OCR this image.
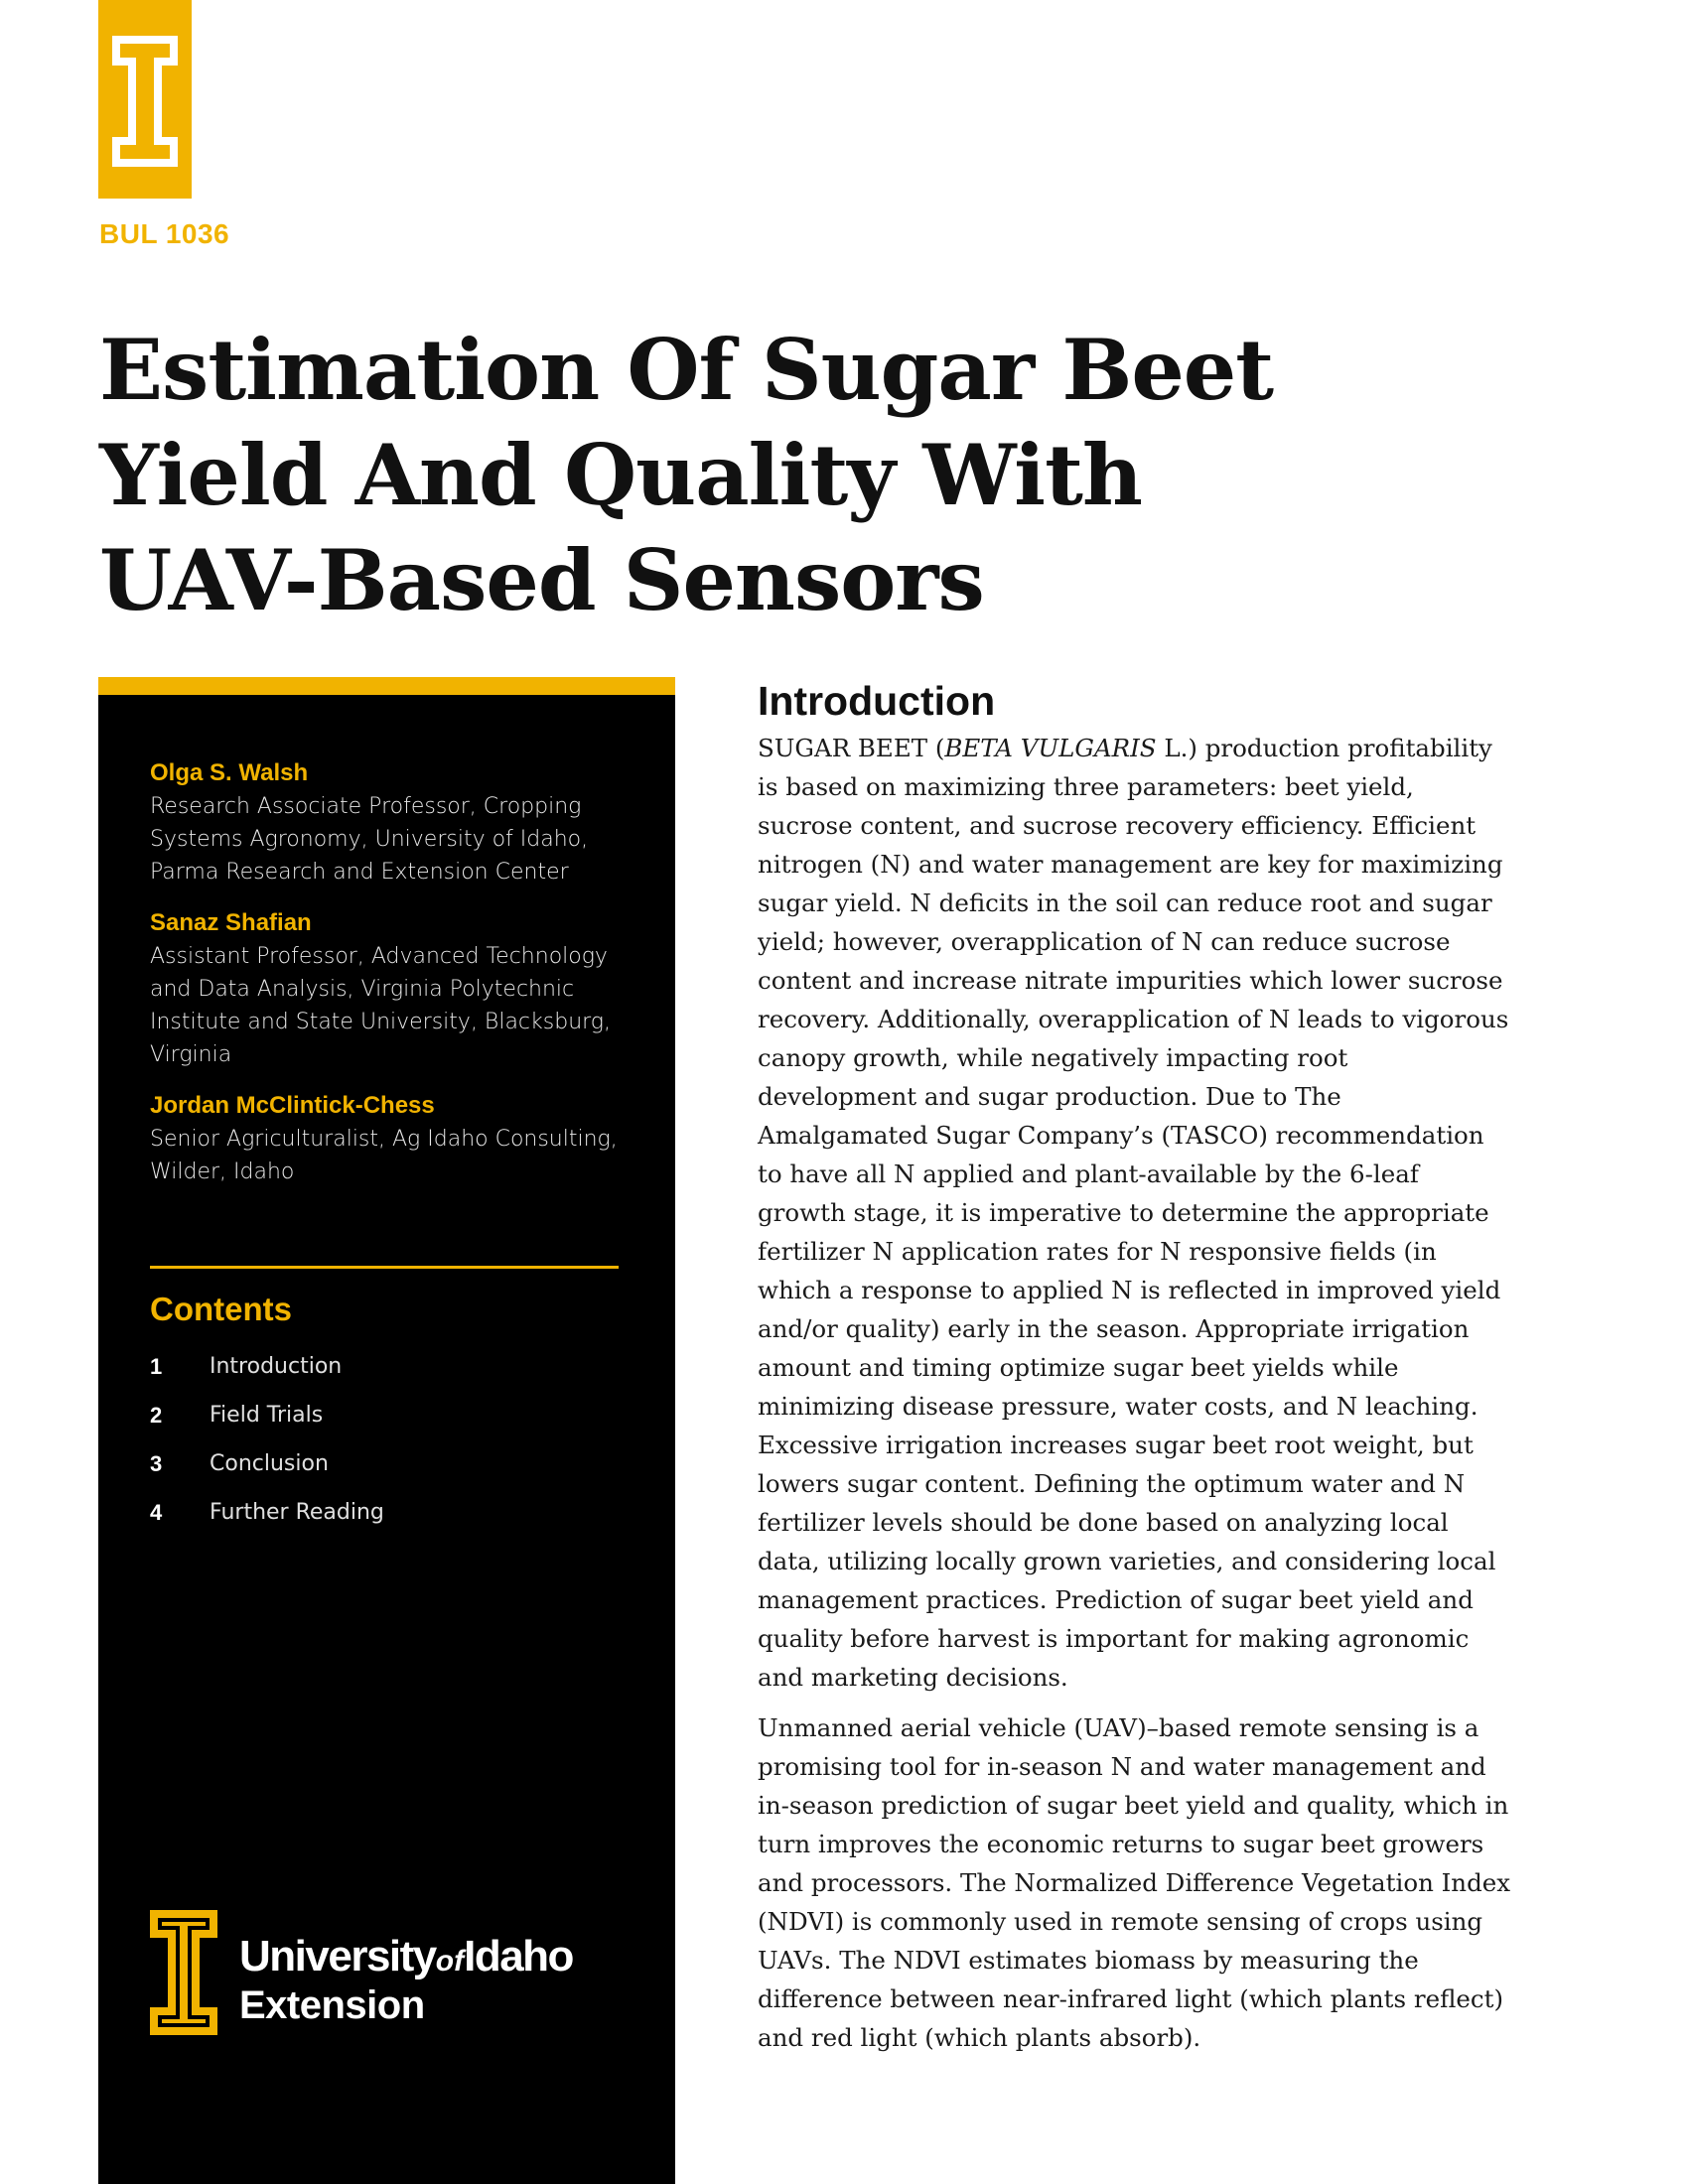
BUL 1036
Estimation Of Sugar Beet
Yield And Quality With
UAV-Based Sensors
Olga S. Walsh
Research Associate Professor, Cropping Systems Agronomy, University of Idaho, Parma Research and Extension Center
Sanaz Shafian
Assistant Professor, Advanced Technology and Data Analysis, Virginia Polytechnic Institute and State University, Blacksburg, Virginia
Jordan McClintick-Chess
Senior Agriculturalist, Ag Idaho Consulting, Wilder, Idaho
Contents
1	Introduction
2	Field Trials
3	Conclusion
4	Further Reading
UniversityofIdaho
Extension
Introduction

SUGAR BEET (BETA VULGARIS L.) production profitability is based on maximizing three parameters: beet yield, sucrose content, and sucrose recovery efficiency. Efficient nitrogen (N) and water management are key for maximizing sugar yield. N deficits in the soil can reduce root and sugar yield; however, overapplication of N can reduce sucrose content and increase nitrate impurities which lower sucrose recovery. Additionally, overapplication of N leads to vigorous canopy growth, while negatively impacting root development and sugar production. Due to The Amalgamated Sugar Company’s (TASCO) recommendation to have all N applied and plant-available by the 6-leaf growth stage, it is imperative to determine the appropriate fertilizer N application rates for N responsive fields (in which a response to applied N is reflected in improved yield and/or quality) early in the season. Appropriate irrigation amount and timing optimize sugar beet yields while minimizing disease pressure, water costs, and N leaching. Excessive irrigation increases sugar beet root weight, but lowers sugar content. Defining the optimum water and N fertilizer levels should be done based on analyzing local data, utilizing locally grown varieties, and considering local management practices. Prediction of sugar beet yield and quality before harvest is important for making agronomic and marketing decisions.

Unmanned aerial vehicle (UAV)–based remote sensing is a promising tool for in-season N and water management and in-season prediction of sugar beet yield and quality, which in turn improves the economic returns to sugar beet growers and processors. The Normalized Difference Vegetation Index (NDVI) is commonly used in remote sensing of crops using UAVs. The NDVI estimates biomass by measuring the difference between near-infrared light (which plants reflect) and red light (which plants absorb).
